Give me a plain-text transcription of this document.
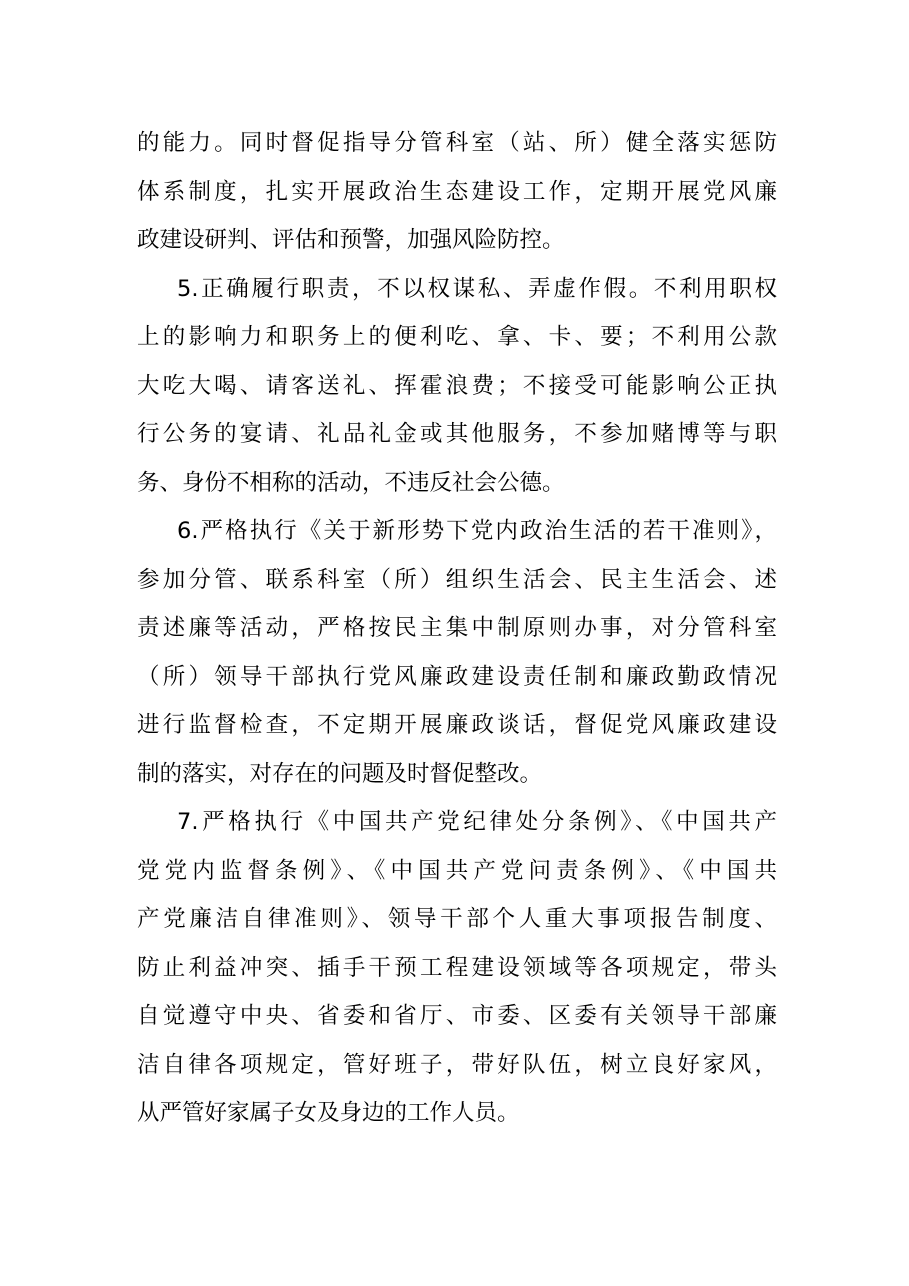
的能力。同时督促指导分管科室（站、所）健全落实惩防
体系制度，扎实开展政治生态建设工作，定期开展党风廉
政建设研判、评估和预警，加强风险防控。
5.正确履行职责，不以权谋私、弄虚作假。不利用职权
上的影响力和职务上的便利吃、拿、卡、要；不利用公款
大吃大喝、请客送礼、挥霍浪费；不接受可能影响公正执
行公务的宴请、礼品礼金或其他服务，不参加赌博等与职
务、身份不相称的活动，不违反社会公德。
6.严格执行《关于新形势下党内政治生活的若干准则》，
参加分管、联系科室（所）组织生活会、民主生活会、述
责述廉等活动，严格按民主集中制原则办事，对分管科室
（所）领导干部执行党风廉政建设责任制和廉政勤政情况
进行监督检查，不定期开展廉政谈话，督促党风廉政建设
制的落实，对存在的问题及时督促整改。
7.严格执行《中国共产党纪律处分条例》、《中国共产
党党内监督条例》、《中国共产党问责条例》、《中国共
产党廉洁自律准则》、领导干部个人重大事项报告制度、
防止利益冲突、插手干预工程建设领域等各项规定，带头
自觉遵守中央、省委和省厅、市委、区委有关领导干部廉
洁自律各项规定，管好班子，带好队伍，树立良好家风，
从严管好家属子女及身边的工作人员。
